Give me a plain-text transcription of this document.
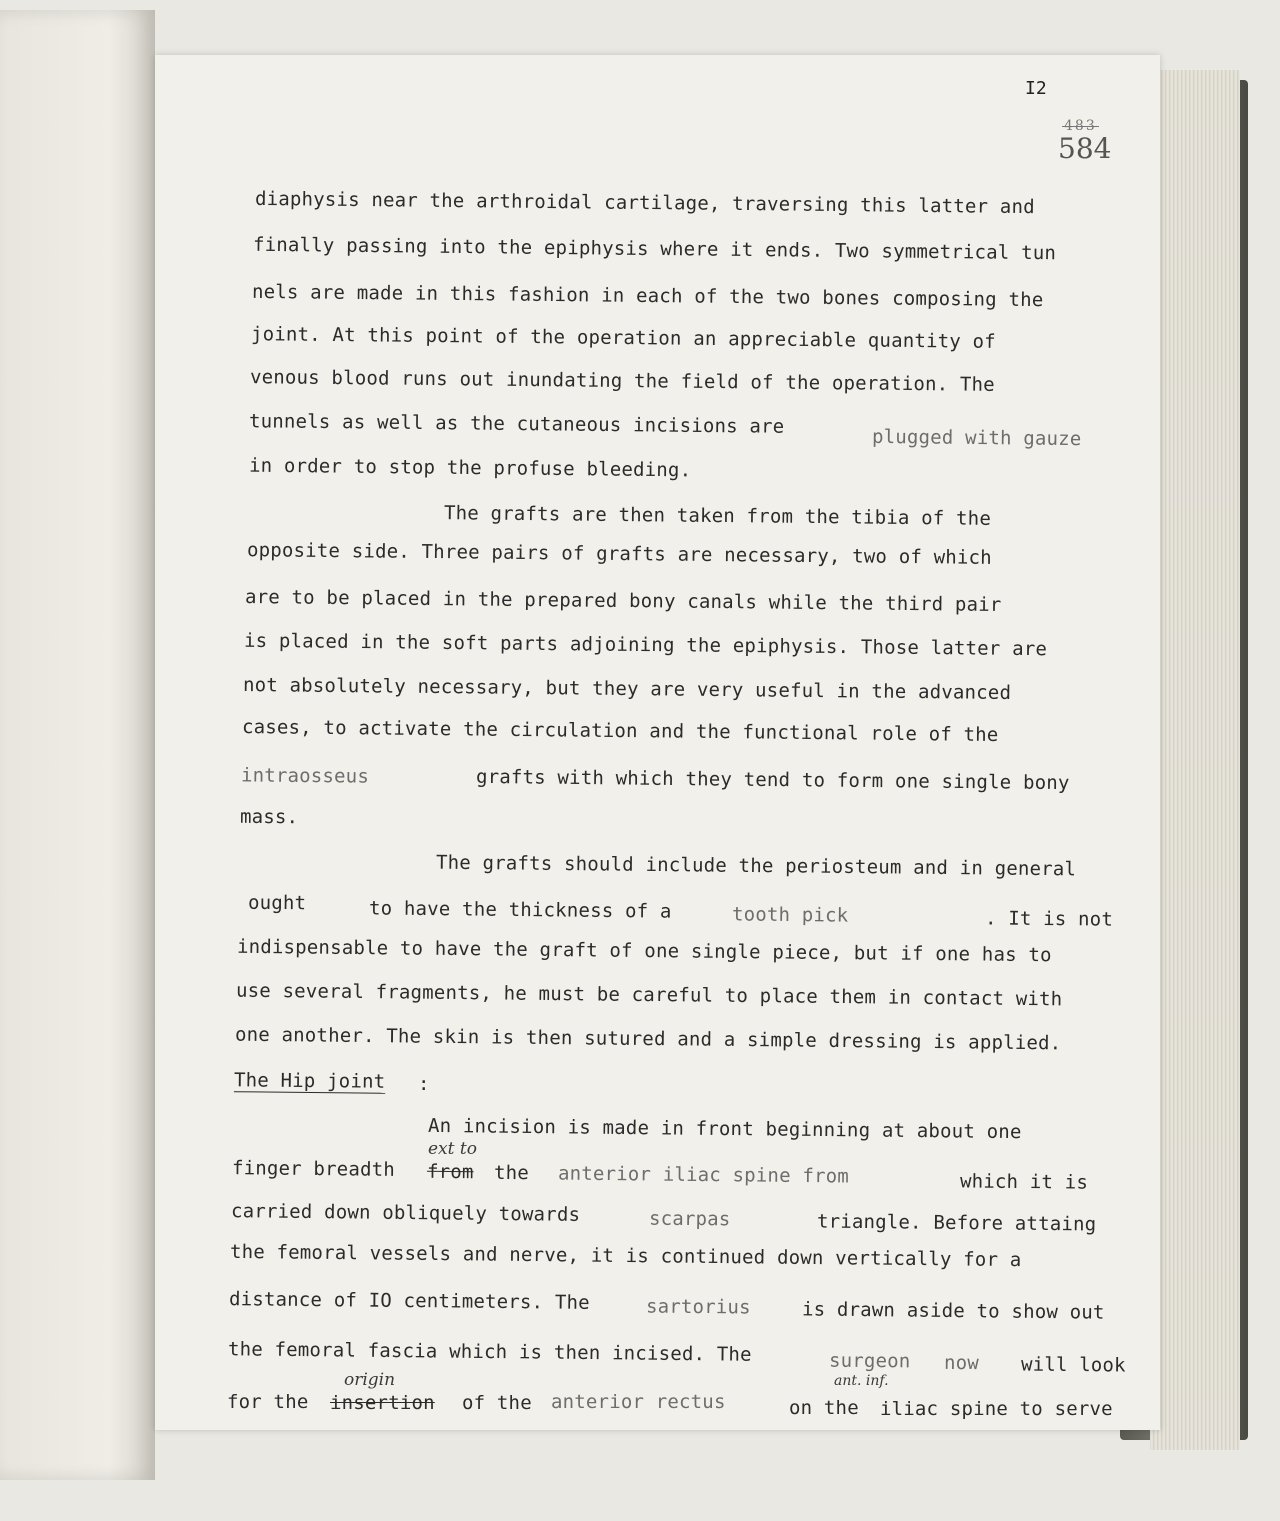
I2
483
584
diaphysis near the arthroidal cartilage, traversing this latter and
finally passing into the epiphysis where it ends. Two symmetrical tun
nels are made in this fashion in each of the two bones composing the
joint. At this point of the operation an appreciable quantity of
venous blood runs out inundating the field of the operation. The
tunnels as well as the cutaneous incisions are
plugged with gauze
in order to stop the profuse bleeding.
The grafts are then taken from the tibia of the
opposite side. Three pairs of grafts are necessary, two of which
are to be placed in the prepared bony canals while the third pair
is placed in the soft parts adjoining the epiphysis. Those latter are
not absolutely necessary, but they are very useful in the advanced
cases, to activate the circulation and the functional role of the
intraosseus	grafts with which they tend to form one single bony
mass.
The grafts should include the periosteum and in general
ought	to have the thickness of a	tooth pick	. It is not
indispensable to have the graft of one single piece, but if one has to
use several fragments, he must be careful to place them in contact with
one another. The skin is then sutured and a simple dressing is applied.
The Hip joint :
An incision is made in front beginning at about one
finger breadth from the anterior iliac spine from	which it is
carried down obliquely towards	scarpas	triangle. Before attaing
the femoral vessels and nerve, it is continued down vertically for a
distance of IO centimeters. The	sartorius	is drawn aside to show out
the femoral fascia which is then incised. The	surgeon now will look
for the insertion of the anterior rectus	on the iliac spine to serve
ext to
origin	ant. inf.
